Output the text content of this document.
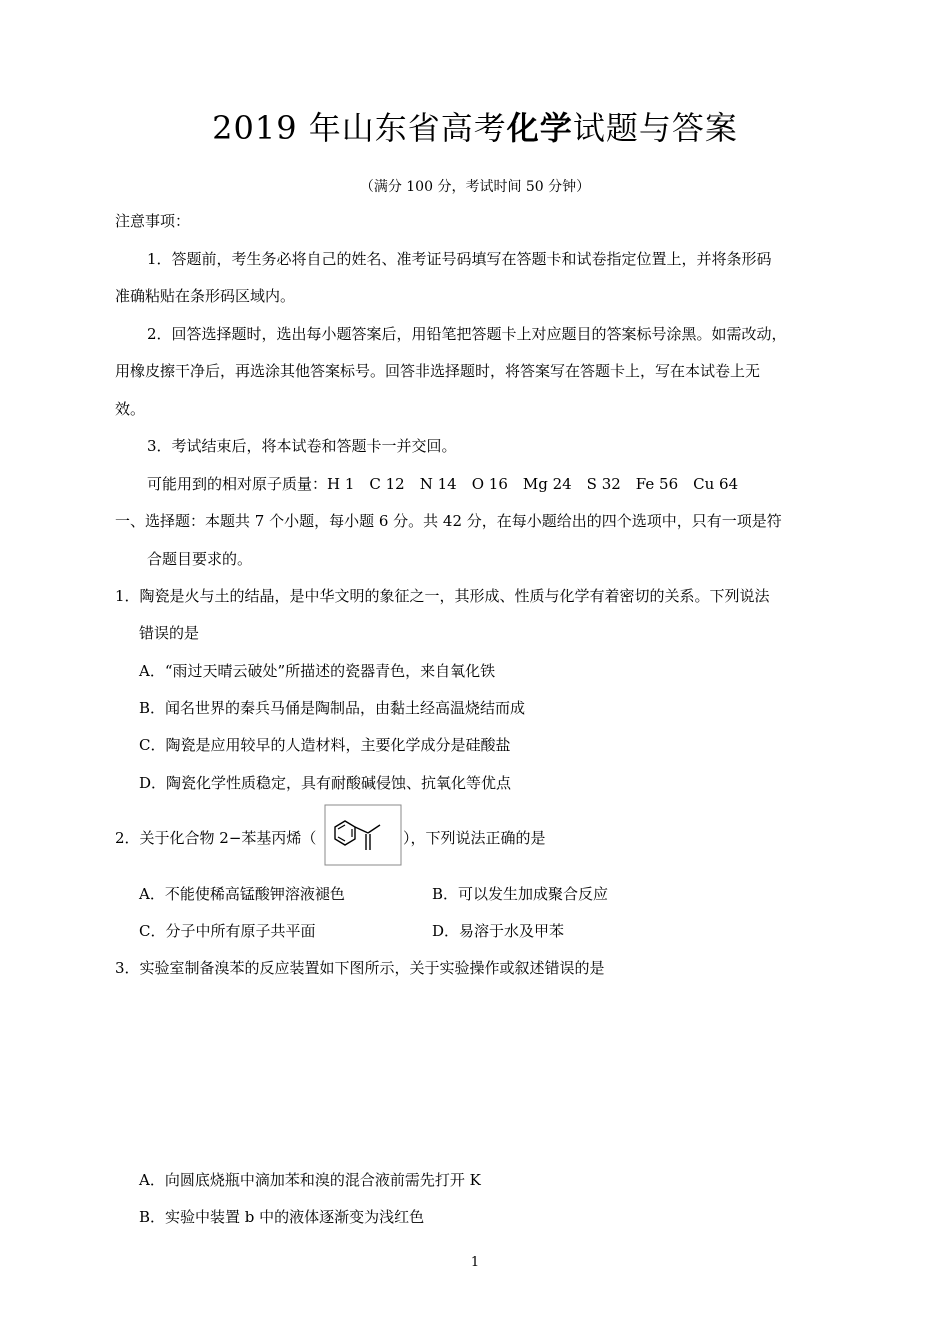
2019 年山东省高考化学试题与答案
（满分 100 分，考试时间 50 分钟）
注意事项：
1．答题前，考生务必将自己的姓名、准考证号码填写在答题卡和试卷指定位置上，并将条形码
准确粘贴在条形码区域内。
2．回答选择题时，选出每小题答案后，用铅笔把答题卡上对应题目的答案标号涂黑。如需改动，
用橡皮擦干净后，再选涂其他答案标号。回答非选择题时，将答案写在答题卡上，写在本试卷上无
效。
3．考试结束后，将本试卷和答题卡一并交回。
可能用到的相对原子质量：H 1　C 12　N 14　O 16　Mg 24　S 32　Fe 56　Cu 64
一、选择题：本题共 7 个小题，每小题 6 分。共 42 分，在每小题给出的四个选项中，只有一项是符
合题目要求的。
1．陶瓷是火与土的结晶，是中华文明的象征之一，其形成、性质与化学有着密切的关系。下列说法
错误的是
A．“雨过天晴云破处”所描述的瓷器青色，来自氧化铁
B．闻名世界的秦兵马俑是陶制品，由黏土经高温烧结而成
C．陶瓷是应用较早的人造材料，主要化学成分是硅酸盐
D．陶瓷化学性质稳定，具有耐酸碱侵蚀、抗氧化等优点
2．关于化合物 2−苯基丙烯（	），下列说法正确的是
A．不能使稀高锰酸钾溶液褪色	B．可以发生加成聚合反应
C．分子中所有原子共平面	D．易溶于水及甲苯
3．实验室制备溴苯的反应装置如下图所示，关于实验操作或叙述错误的是
A．向圆底烧瓶中滴加苯和溴的混合液前需先打开 K
B．实验中装置 b 中的液体逐渐变为浅红色
1
